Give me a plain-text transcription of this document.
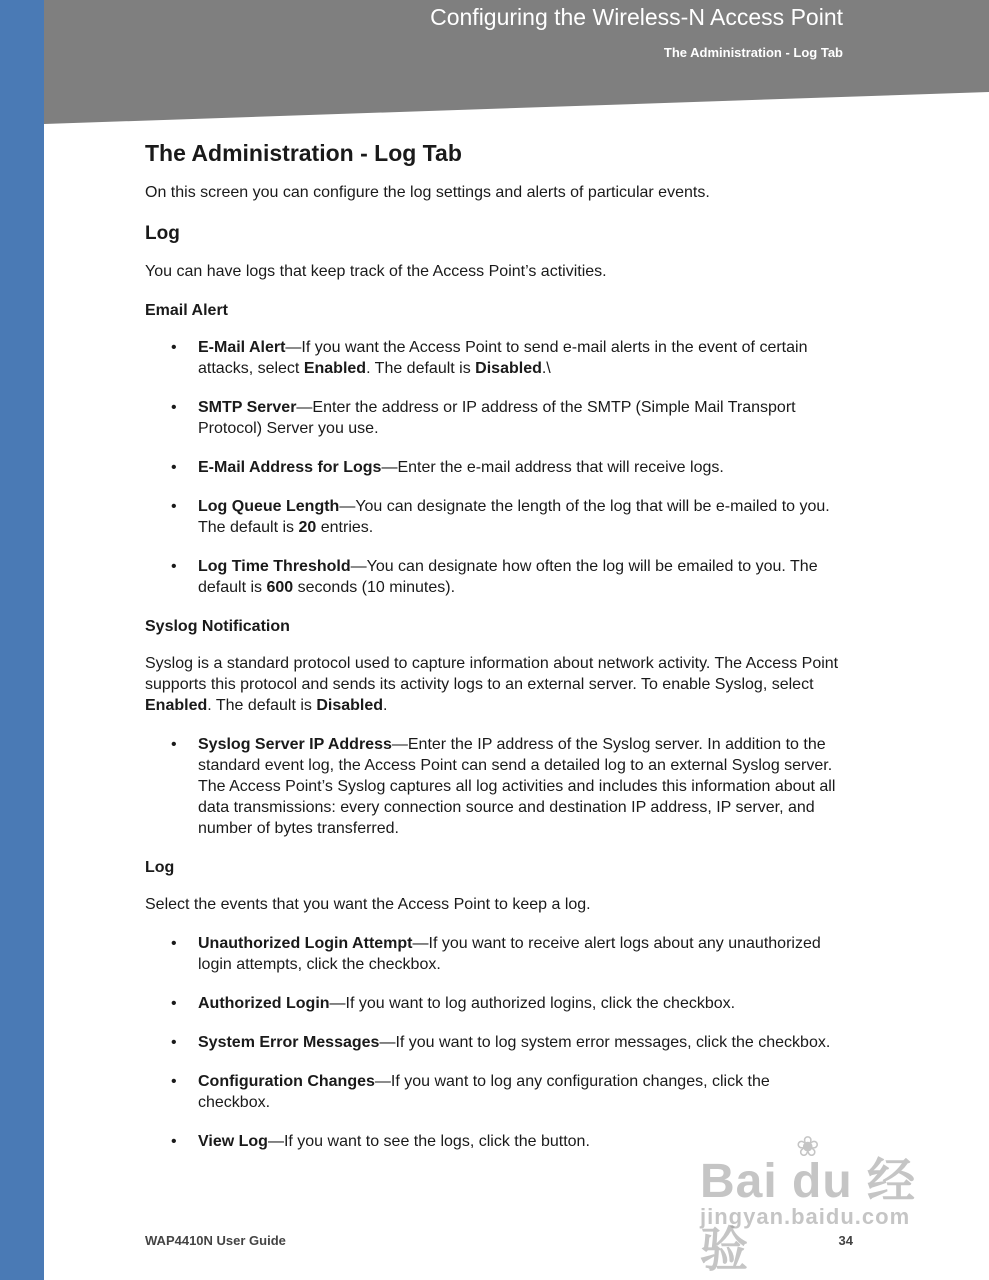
Configuring the Wireless-N Access Point
The Administration - Log Tab
The Administration - Log Tab

On this screen you can configure the log settings and alerts of particular events.

Log

You can have logs that keep track of the Access Point’s activities.

Email Alert
• E-Mail Alert—If you want the Access Point to send e-mail alerts in the event of certain attacks, select Enabled. The default is Disabled.\
• SMTP Server—Enter the address or IP address of the SMTP (Simple Mail Transport Protocol) Server you use.
• E-Mail Address for Logs—Enter the e-mail address that will receive logs.
• Log Queue Length—You can designate the length of the log that will be e-mailed to you. The default is 20 entries.
• Log Time Threshold—You can designate how often the log will be emailed to you. The default is 600 seconds (10 minutes).
Syslog Notification

Syslog is a standard protocol used to capture information about network activity. The Access Point supports this protocol and sends its activity logs to an external server. To enable Syslog, select Enabled. The default is Disabled.

• Syslog Server IP Address—Enter the IP address of the Syslog server. In addition to the standard event log, the Access Point can send a detailed log to an external Syslog server. The Access Point’s Syslog captures all log activities and includes this information about all data transmissions: every connection source and destination IP address, IP server, and number of bytes transferred.
Log

Select the events that you want the Access Point to keep a log.

• Unauthorized Login Attempt—If you want to receive alert logs about any unauthorized login attempts, click the checkbox.
• Authorized Login—If you want to log authorized logins, click the checkbox.
• System Error Messages—If you want to log system error messages, click the checkbox.
• Configuration Changes—If you want to log any configuration changes, click the checkbox.
• View Log—If you want to see the logs, click the button.
Bai du 经验
❀
jingyan.baidu.com
WAP4410N User Guide	34
